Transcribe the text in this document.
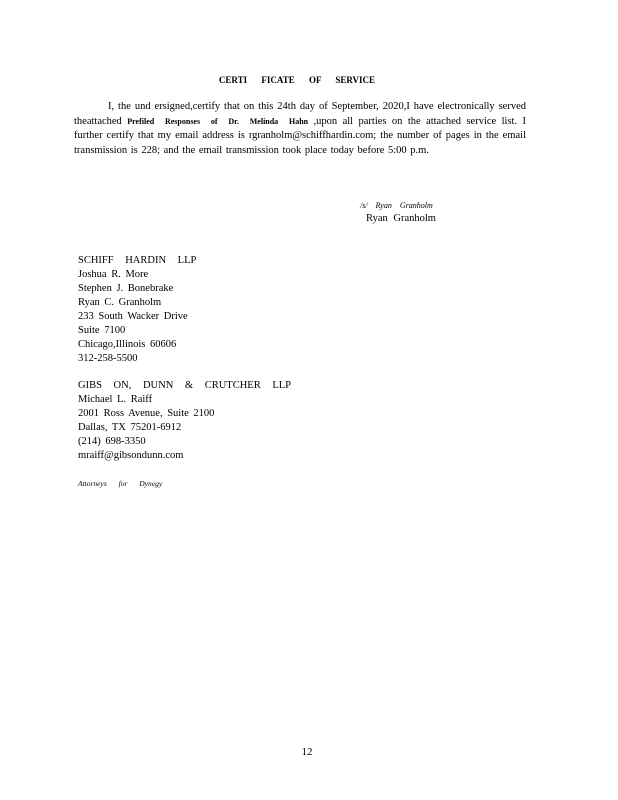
CERTI FICATE OF SERVICE

I, the und ersigned,certify that on this 24th day of September, 2020,I have electronically served theattached Prefiled Responses of Dr. Melinda Hahn ,upon all parties on the attached service list. I further certify that my email address is rgranholm@schiffhardin.com; the number of pages in the email transmission is 228; and the email transmission took place today before 5:00 p.m.

/s/ Ryan Granholm
Ryan Granholm
SCHIFF HARDIN LLP
Joshua R. More
Stephen J. Bonebrake
Ryan C. Granholm
233 South Wacker Drive
Suite 7100
Chicago,Illinois 60606
312-258-5500
GIBS ON, DUNN & CRUTCHER LLP
Michael L. Raiff
2001 Ross Avenue, Suite 2100
Dallas, TX 75201-6912
(214) 698-3350
mraiff@gibsondunn.com
Attorneys for Dynegy
12
